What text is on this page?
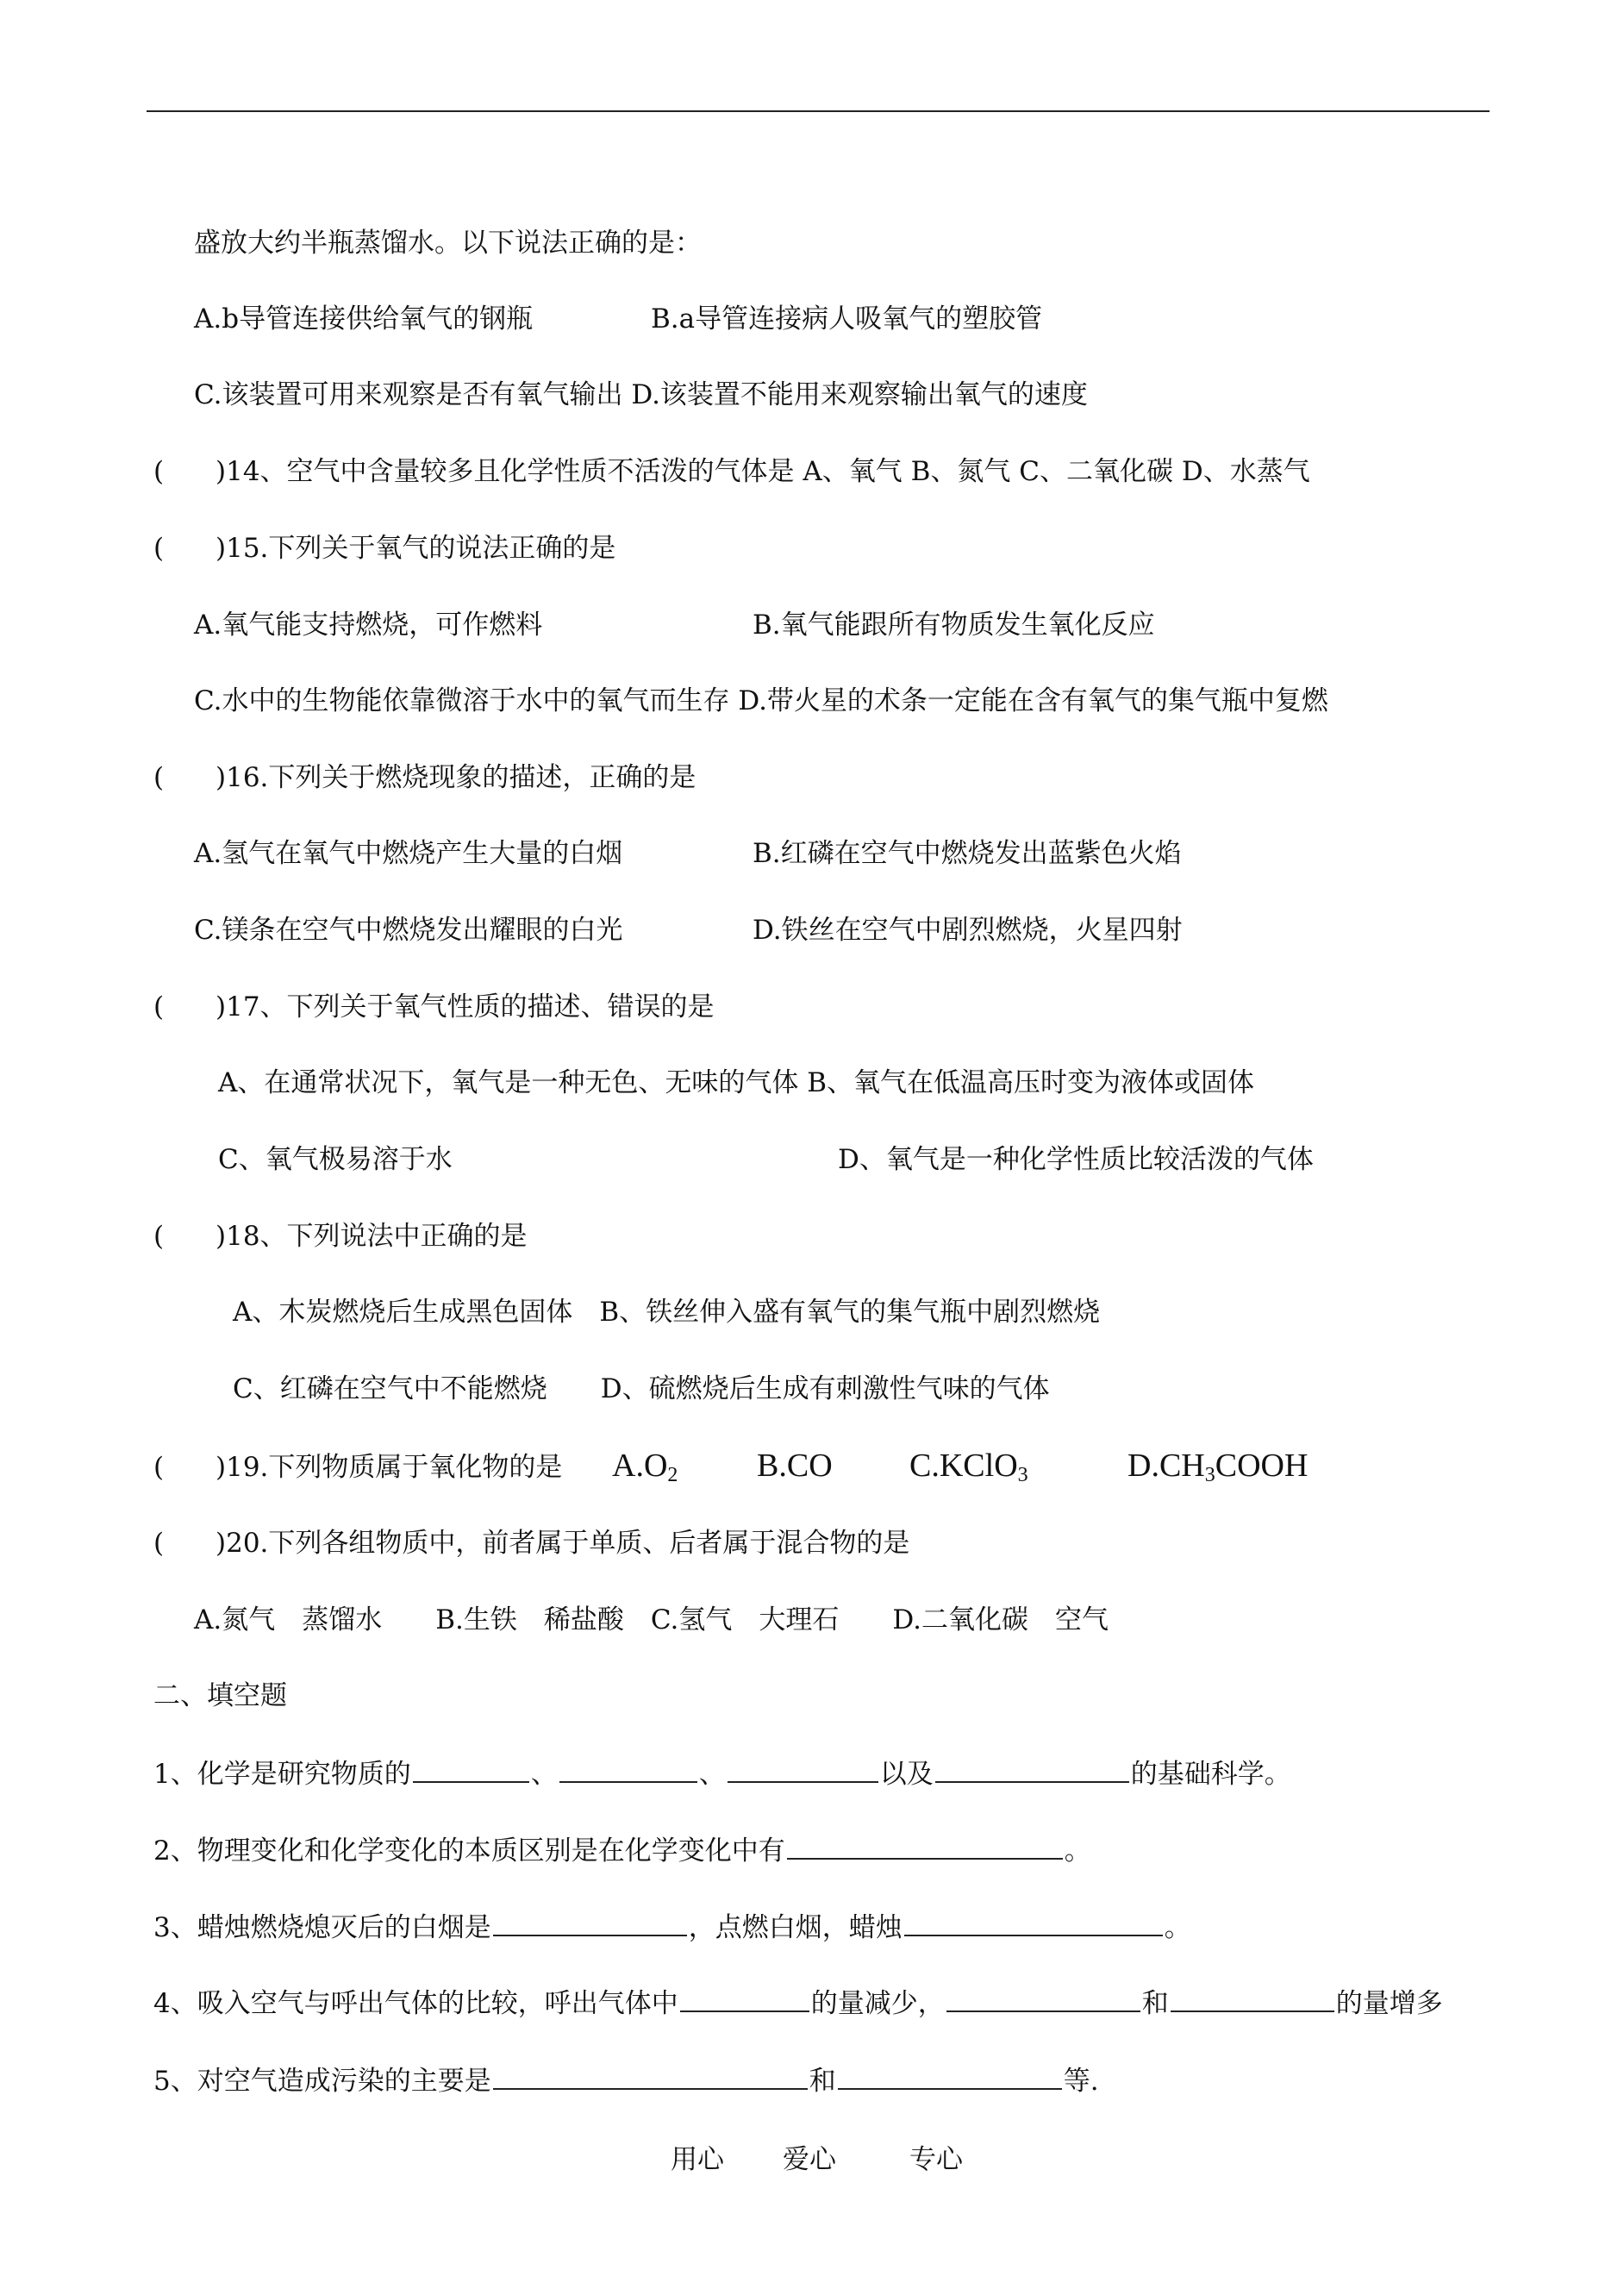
盛放大约半瓶蒸馏水。以下说法正确的是：
A.b导管连接供给氧气的钢瓶	B.a导管连接病人吸氧气的塑胶管
C.该装置可用来观察是否有氧气输出 D.该装置不能用来观察输出氧气的速度
( )14、空气中含量较多且化学性质不活泼的气体是 A、氧气 B、氮气 C、二氧化碳 D、水蒸气
( )15.下列关于氧气的说法正确的是
A.氧气能支持燃烧，可作燃料	B.氧气能跟所有物质发生氧化反应
C.水中的生物能依靠微溶于水中的氧气而生存 D.带火星的术条一定能在含有氧气的集气瓶中复燃
( )16.下列关于燃烧现象的描述，正确的是
A.氢气在氧气中燃烧产生大量的白烟	B.红磷在空气中燃烧发出蓝紫色火焰
C.镁条在空气中燃烧发出耀眼的白光	D.铁丝在空气中剧烈燃烧，火星四射
( )17、下列关于氧气性质的描述、错误的是
A、在通常状况下，氧气是一种无色、无味的气体 B、氧气在低温高压时变为液体或固体
C、氧气极易溶于水	D、氧气是一种化学性质比较活泼的气体
( )18、下列说法中正确的是
A、木炭燃烧后生成黑色固体　B、铁丝伸入盛有氧气的集气瓶中剧烈燃烧
C、红磷在空气中不能燃烧　　D、硫燃烧后生成有刺激性气味的气体
( )19.下列物质属于氧化物的是 $A.O_2$ B.CO C.KClO$_3$	$D.CH_3COOH$
( )20.下列各组物质中，前者属于单质、后者属于混合物的是
A.氮气　蒸馏水　　B.生铁　稀盐酸　C.氢气　大理石　　D.二氧化碳　空气
二、填空题
1、化学是研究物质的	、	、	以及	的基础科学。
2、物理变化和化学变化的本质区别是在化学变化中有	。
3、蜡烛燃烧熄灭后的白烟是	，点燃白烟，蜡烛	。
4、吸入空气与呼出气体的比较，呼出气体中	的量减少，	和	的量增多
5、对空气造成污染的主要是	和	等.
用心 爱心	专心
